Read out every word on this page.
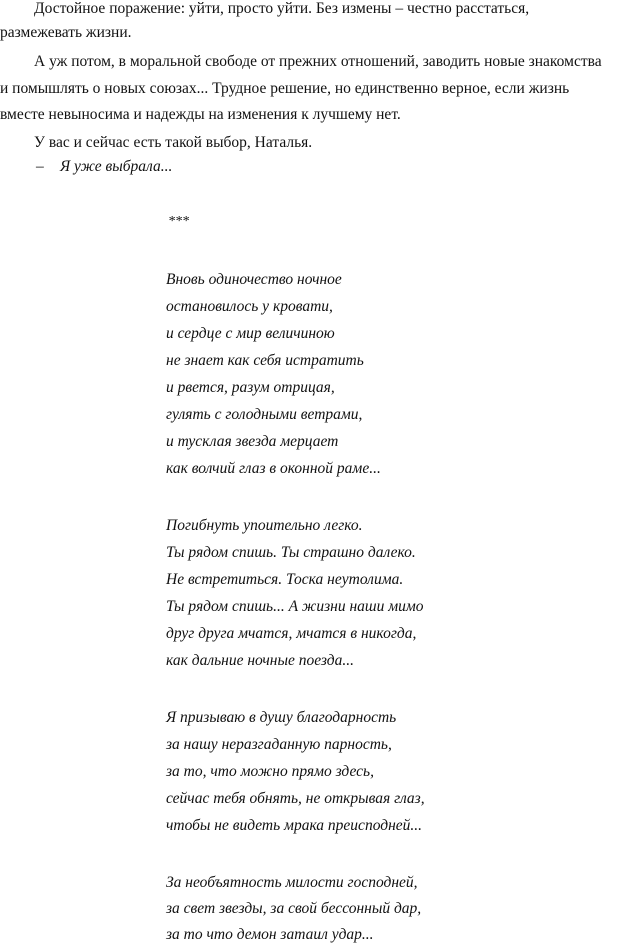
Достойное поражение: уйти, просто уйти. Без измены – честно расстаться,
размежевать жизни.
А уж потом, в моральной свободе от прежних отношений, заводить новые знакомства
и помышлять о новых союзах... Трудное решение, но единственно верное, если жизнь
вместе невыносима и надежды на изменения к лучшему нет.
У вас и сейчас есть такой выбор, Наталья.
– Я уже выбрала...
***
Вновь одиночество ночное
остановилось у кровати,
и сердце с мир величиною
не знает как себя истратить
и рвется, разум отрицая,
гулять с голодными ветрами,
и тусклая звезда мерцает
как волчий глаз в оконной раме...
Погибнуть упоительно легко.
Ты рядом спишь. Ты страшно далеко.
Не встретиться. Тоска неутолима.
Ты рядом спишь... А жизни наши мимо
друг друга мчатся, мчатся в никогда,
как дальние ночные поезда...
Я призываю в душу благодарность
за нашу неразгаданную парность,
за то, что можно прямо здесь,
сейчас тебя обнять, не открывая глаз,
чтобы не видеть мрака преисподней...
За необъятность милости господней,
за свет звезды, за свой бессонный дар,
за то что демон затаил удар...
